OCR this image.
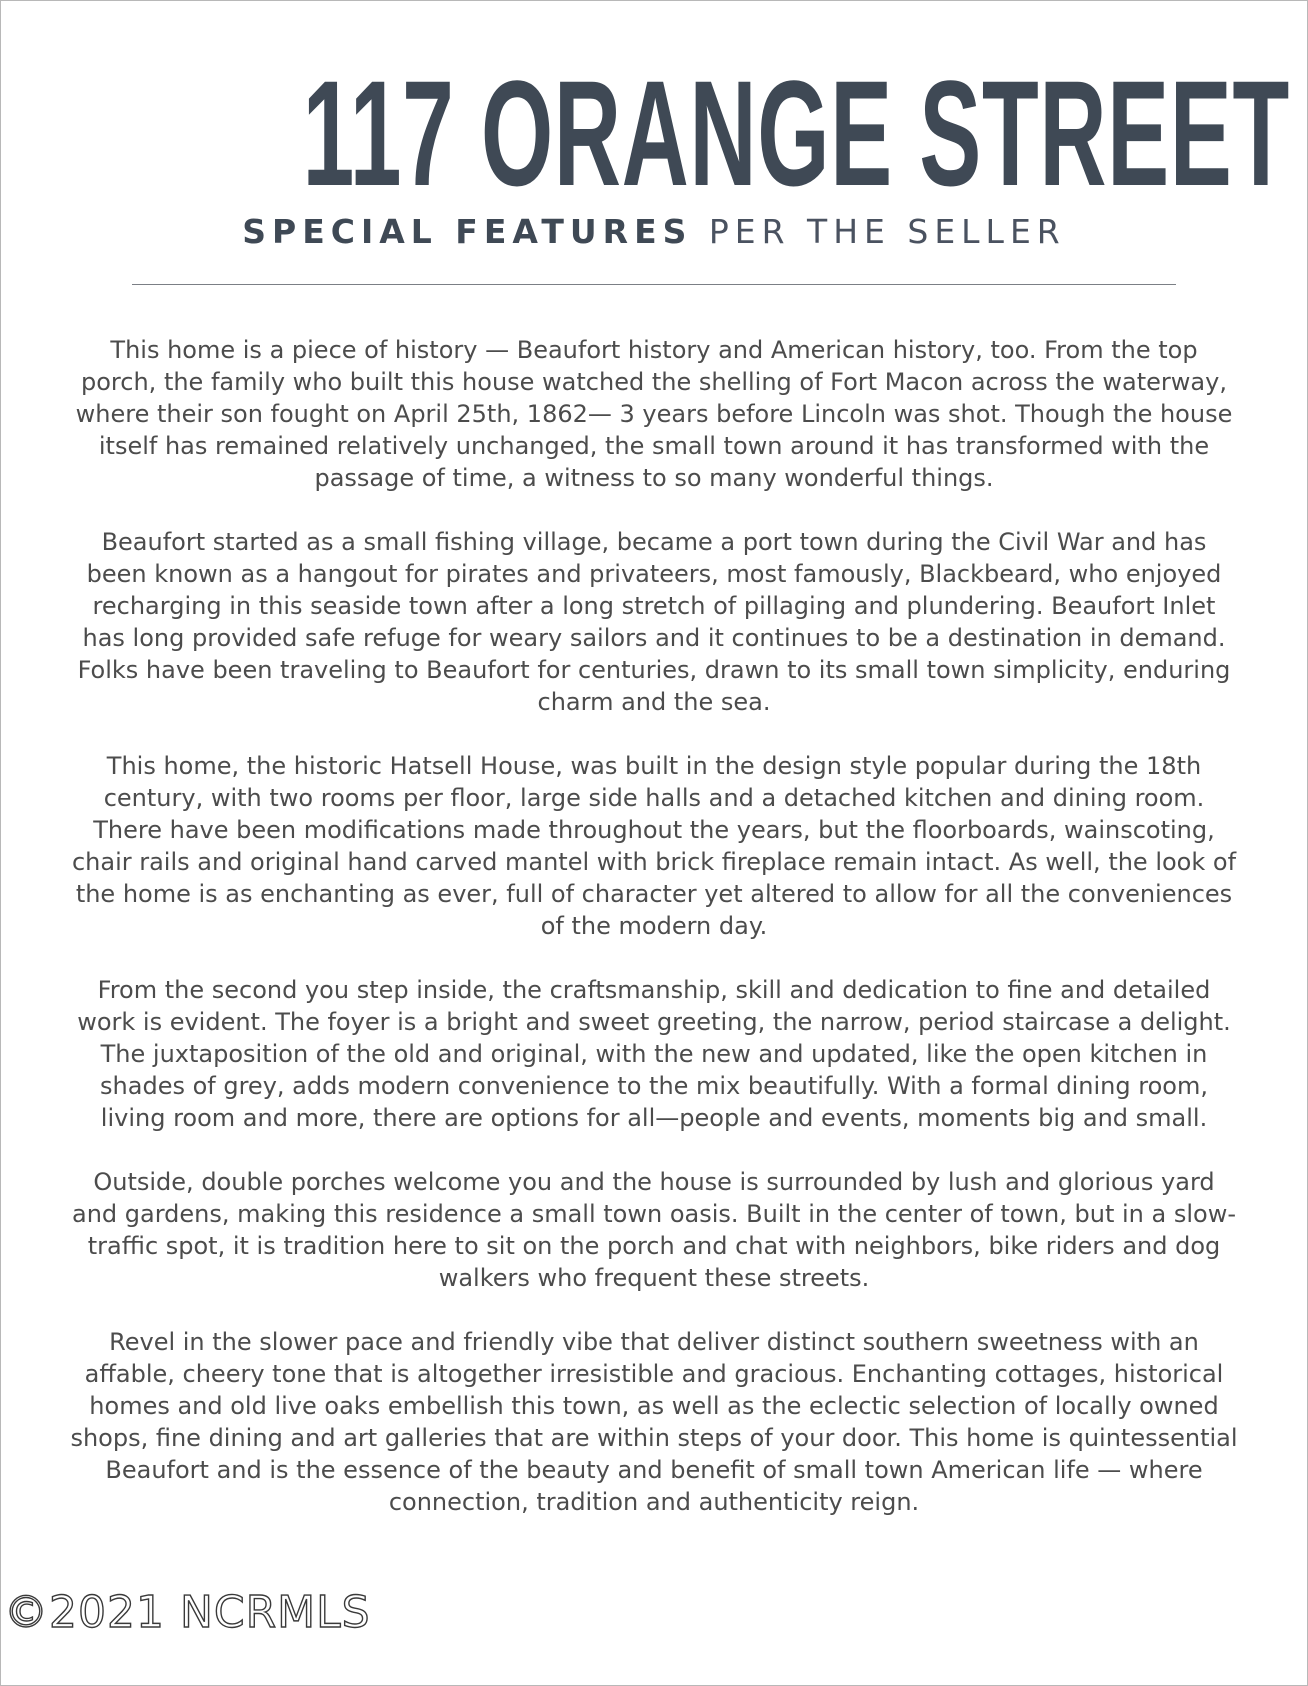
117 ORANGE STREET
SPECIAL FEATURES PER THE SELLER

This home is a piece of history — Beaufort history and American history, too. From the top porch, the family who built this house watched the shelling of Fort Macon across the waterway, where their son fought on April 25th, 1862— 3 years before Lincoln was shot. Though the house itself has remained relatively unchanged, the small town around it has transformed with the passage of time, a witness to so many wonderful things.

Beaufort started as a small fishing village, became a port town during the Civil War and has been known as a hangout for pirates and privateers, most famously, Blackbeard, who enjoyed recharging in this seaside town after a long stretch of pillaging and plundering. Beaufort Inlet has long provided safe refuge for weary sailors and it continues to be a destination in demand. Folks have been traveling to Beaufort for centuries, drawn to its small town simplicity, enduring charm and the sea.

This home, the historic Hatsell House, was built in the design style popular during the 18th century, with two rooms per floor, large side halls and a detached kitchen and dining room. There have been modifications made throughout the years, but the floorboards, wainscoting, chair rails and original hand carved mantel with brick fireplace remain intact. As well, the look of the home is as enchanting as ever, full of character yet altered to allow for all the conveniences of the modern day.

From the second you step inside, the craftsmanship, skill and dedication to fine and detailed work is evident. The foyer is a bright and sweet greeting, the narrow, period staircase a delight. The juxtaposition of the old and original, with the new and updated, like the open kitchen in shades of grey, adds modern convenience to the mix beautifully. With a formal dining room, living room and more, there are options for all—people and events, moments big and small.

Outside, double porches welcome you and the house is surrounded by lush and glorious yard and gardens, making this residence a small town oasis. Built in the center of town, but in a slow-traffic spot, it is tradition here to sit on the porch and chat with neighbors, bike riders and dog walkers who frequent these streets.

Revel in the slower pace and friendly vibe that deliver distinct southern sweetness with an affable, cheery tone that is altogether irresistible and gracious. Enchanting cottages, historical homes and old live oaks embellish this town, as well as the eclectic selection of locally owned shops, fine dining and art galleries that are within steps of your door. This home is quintessential Beaufort and is the essence of the beauty and benefit of small town American life — where connection, tradition and authenticity reign.

©2021 NCRMLS
